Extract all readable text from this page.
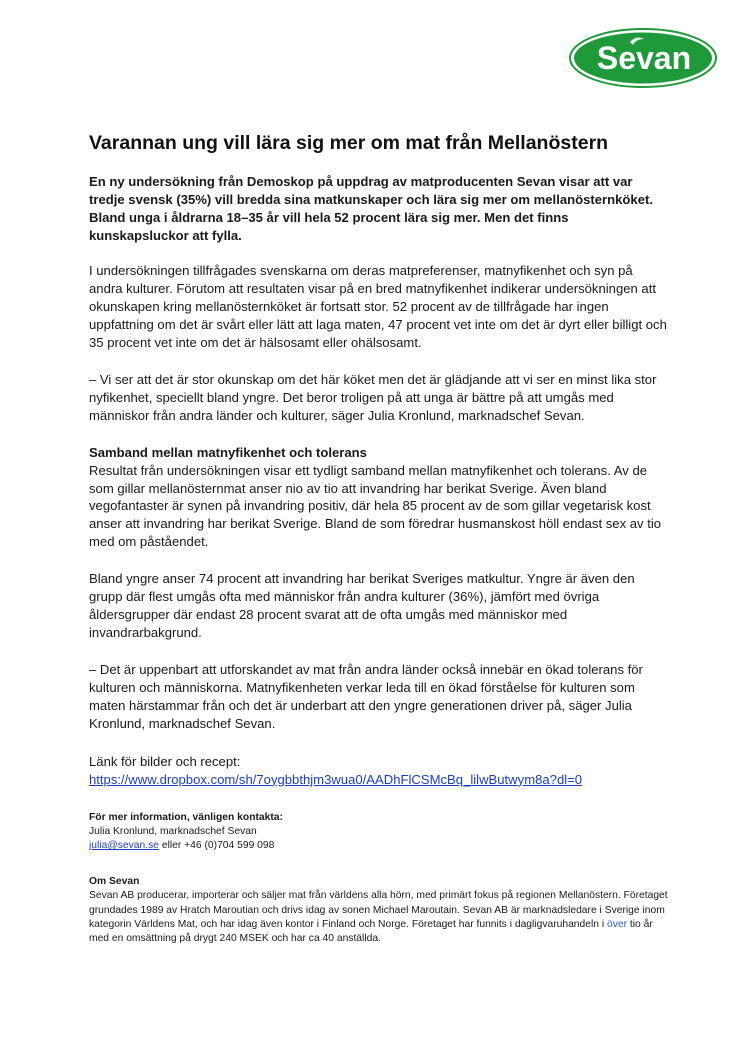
Sevan
Varannan ung vill lära sig mer om mat från Mellanöstern

En ny undersökning från Demoskop på uppdrag av matproducenten Sevan visar att var tredje svensk (35%) vill bredda sina matkunskaper och lära sig mer om mellanösternköket. Bland unga i åldrarna 18–35 år vill hela 52 procent lära sig mer. Men det finns kunskapsluckor att fylla.

I undersökningen tillfrågades svenskarna om deras matpreferenser, matnyfikenhet och syn på andra kulturer. Förutom att resultaten visar på en bred matnyfikenhet indikerar undersökningen att okunskapen kring mellanösternköket är fortsatt stor. 52 procent av de tillfrågade har ingen uppfattning om det är svårt eller lätt att laga maten, 47 procent vet inte om det är dyrt eller billigt och 35 procent vet inte om det är hälsosamt eller ohälsosamt.

– Vi ser att det är stor okunskap om det här köket men det är glädjande att vi ser en minst lika stor nyfikenhet, speciellt bland yngre. Det beror troligen på att unga är bättre på att umgås med människor från andra länder och kulturer, säger Julia Kronlund, marknadschef Sevan.

Samband mellan matnyfikenhet och tolerans

Resultat från undersökningen visar ett tydligt samband mellan matnyfikenhet och tolerans. Av de som gillar mellanösternmat anser nio av tio att invandring har berikat Sverige. Även bland vegofantaster är synen på invandring positiv, där hela 85 procent av de som gillar vegetarisk kost anser att invandring har berikat Sverige. Bland de som föredrar husmanskost höll endast sex av tio med om påståendet.

Bland yngre anser 74 procent att invandring har berikat Sveriges matkultur. Yngre är även den grupp där flest umgås ofta med människor från andra kulturer (36%), jämfört med övriga åldersgrupper där endast 28 procent svarat att de ofta umgås med människor med invandrarbakgrund.

– Det är uppenbart att utforskandet av mat från andra länder också innebär en ökad tolerans för kulturen och människorna. Matnyfikenheten verkar leda till en ökad förståelse för kulturen som maten härstammar från och det är underbart att den yngre generationen driver på, säger Julia Kronlund, marknadschef Sevan.

Länk för bilder och recept:

https://www.dropbox.com/sh/7oygbbthjm3wua0/AADhFlCSMcBq_lilwButwym8a?dl=0

För mer information, vänligen kontakta:
Julia Kronlund, marknadschef Sevan
julia@sevan.se eller +46 (0)704 599 098
Om Sevan
Sevan AB producerar, importerar och säljer mat från världens alla hörn, med primärt fokus på regionen Mellanöstern. Företaget grundades 1989 av Hratch Maroutian och drivs idag av sonen Michael Maroutain. Sevan AB är marknadsledare i Sverige inom kategorin Världens Mat, och har idag även kontor i Finland och Norge. Företaget har funnits i dagligvaruhandeln i över tio år med en omsättning på drygt 240 MSEK och har ca 40 anställda.
